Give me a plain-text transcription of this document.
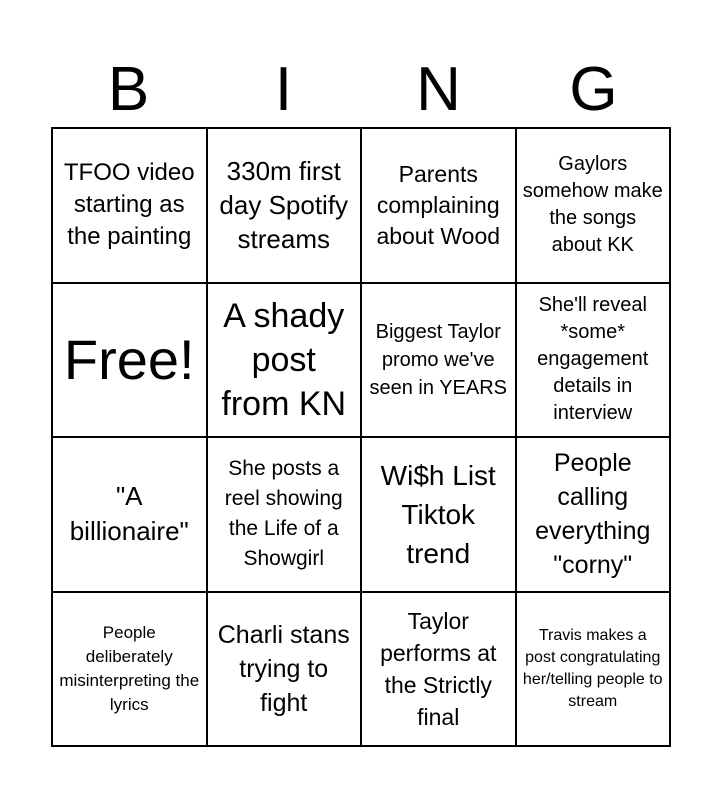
B	I	N	G
TFOO video starting as the painting
330m first day Spotify streams
Parents complaining about Wood
Gaylors somehow make the songs about KK
Free!
A shady post from KN
Biggest Taylor promo we've seen in YEARS
She'll reveal *some* engagement details in interview
"A billionaire"
She posts a reel showing the Life of a Showgirl
Wi$h List Tiktok trend
People calling everything "corny"
People deliberately misinterpreting the lyrics
Charli stans trying to fight
Taylor performs at the Strictly final
Travis makes a post congratulating her/telling people to stream
